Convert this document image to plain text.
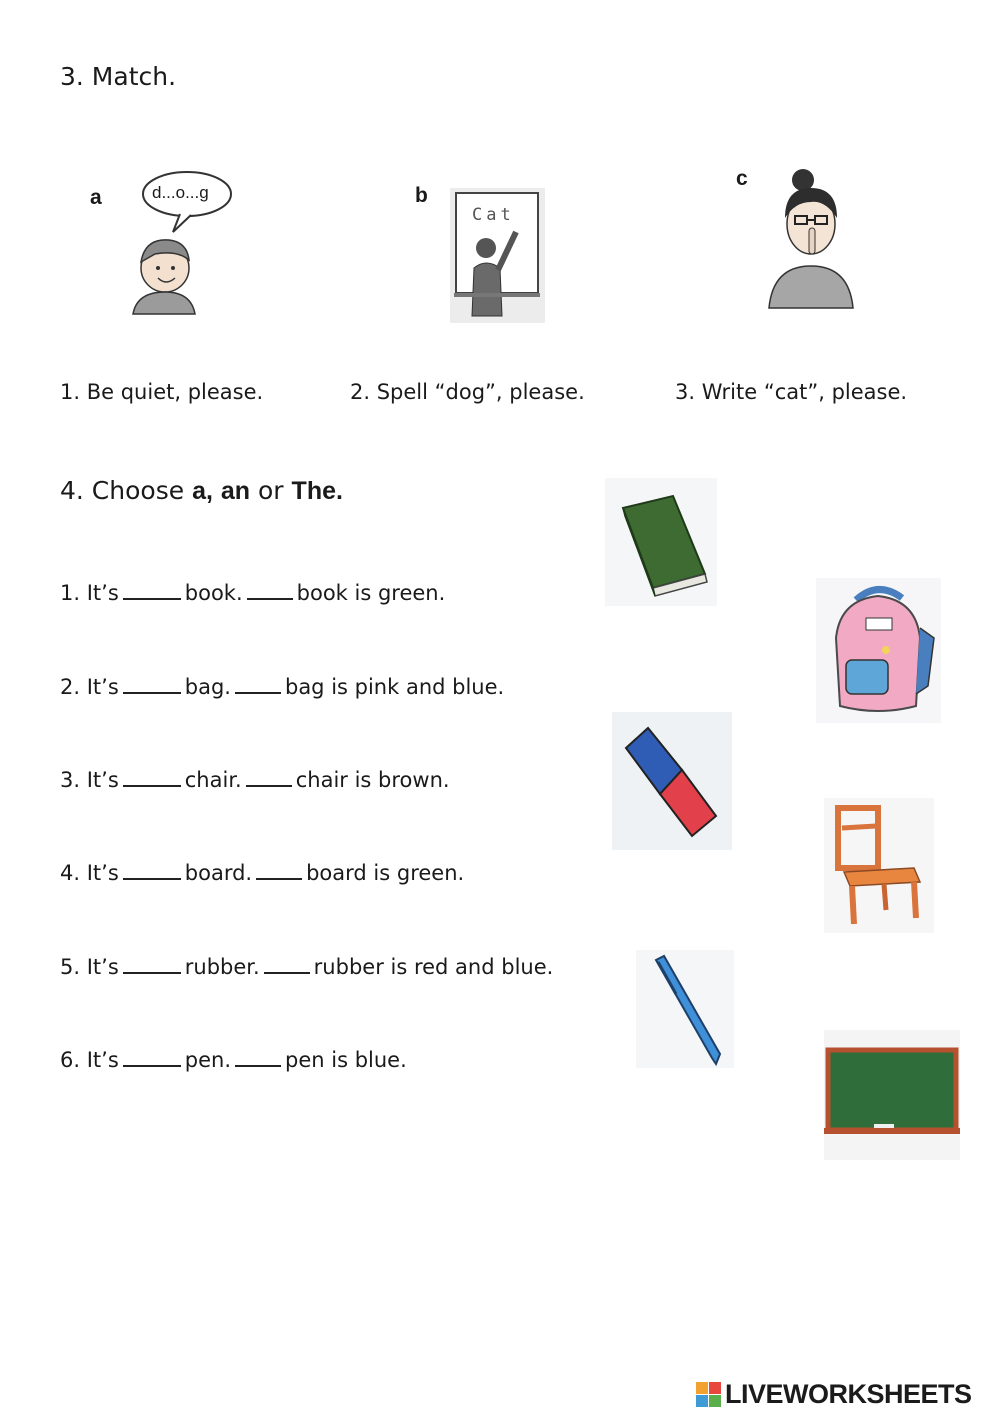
3. Match.
a	d...o...g	b
Cat
c
1. Be quiet, please.	2. Spell “dog”, please.	3. Write “cat”, please.
4. Choose a, an or The.
1. It’s	book.	book is green.
2. It’s	bag.	bag is pink and blue.
3. It’s	chair.	chair is brown.
4. It’s	board.	board is green.
5. It’s	rubber.	rubber is red and blue.
6. It’s	pen.	pen is blue.
LIVEWORKSHEETS
